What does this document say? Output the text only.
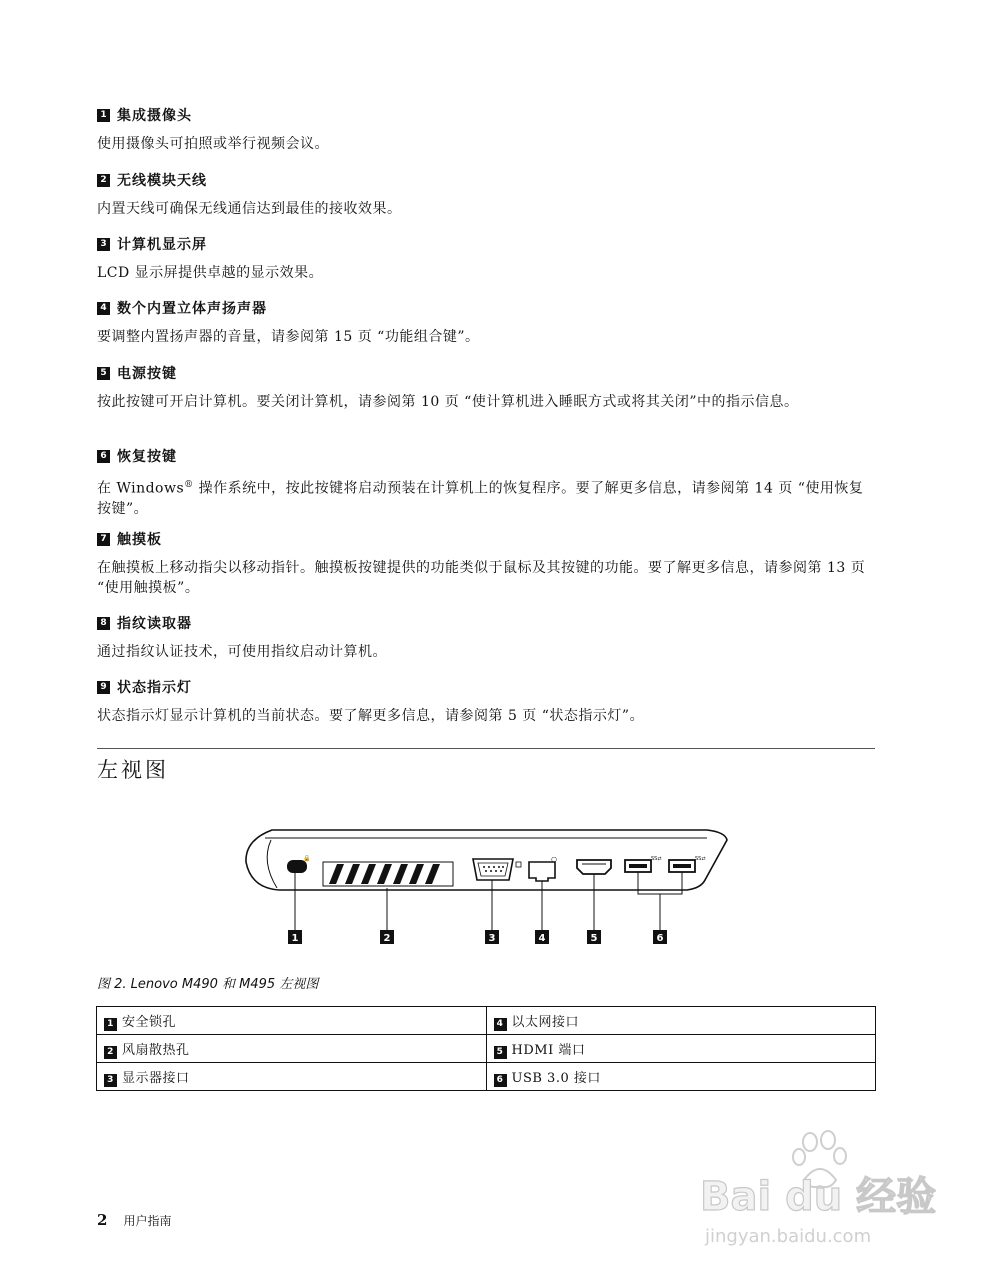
1 集成摄像头
使用摄像头可拍照或举行视频会议。
2 无线模块天线
内置天线可确保无线通信达到最佳的接收效果。
3 计算机显示屏
LCD 显示屏提供卓越的显示效果。
4 数个内置立体声扬声器
要调整内置扬声器的音量，请参阅第 15 页 “功能组合键”。
5 电源按键
按此按键可开启计算机。要关闭计算机，请参阅第 10 页 “使计算机进入睡眠方式或将其关闭”中的指示信息。
6 恢复按键
在 Windows® 操作系统中，按此按键将启动预装在计算机上的恢复程序。要了解更多信息，请参阅第 14 页 “使用恢复按键”。
7 触摸板
在触摸板上移动指尖以移动指针。触摸板按键提供的功能类似于鼠标及其按键的功能。要了解更多信息，请参阅第 13 页 “使用触摸板”。
8 指纹读取器
通过指纹认证技术，可使用指纹启动计算机。
9 状态指示灯
状态指示灯显示计算机的当前状态。要了解更多信息，请参阅第 5 页 “状态指示灯”。
左视图
🔒	⎔	SS⇄	SS⇄
1	2	3	4	5	6
图 2. Lenovo M490 和 M495 左视图
1 安全锁孔	4 以太网接口
2 风扇散热孔	5 HDMI 端口
3 显示器接口	6 USB 3.0 接口
2 用户指南
Bai du 经验
jingyan.baidu.com
